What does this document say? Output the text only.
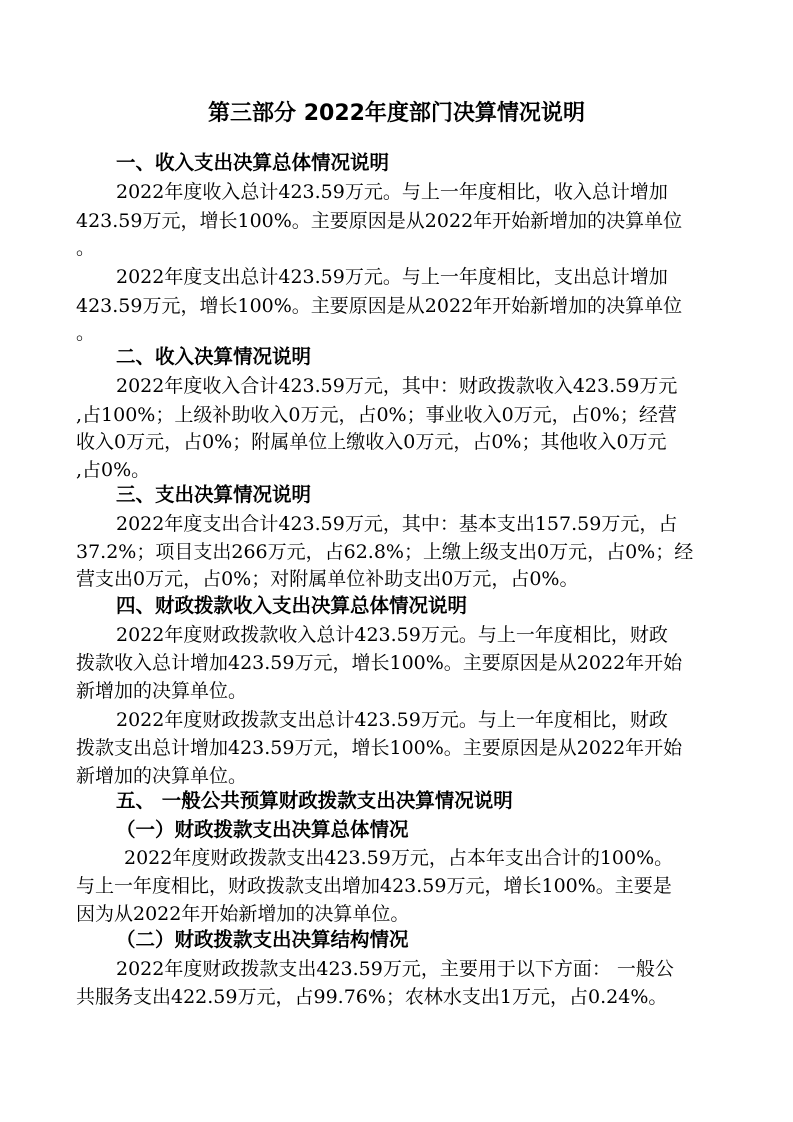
第三部分 2022年度部门决算情况说明
一、收入支出决算总体情况说明
2022年度收入总计423.59万元。与上一年度相比，收入总计增加
423.59万元，增长100%。主要原因是从2022年开始新增加的决算单位
。
2022年度支出总计423.59万元。与上一年度相比，支出总计增加
423.59万元，增长100%。主要原因是从2022年开始新增加的决算单位
。
二、收入决算情况说明
2022年度收入合计423.59万元，其中：财政拨款收入423.59万元
,占100%；上级补助收入0万元，占0%；事业收入0万元，占0%；经营
收入0万元，占0%；附属单位上缴收入0万元，占0%；其他收入0万元
,占0%。
三、支出决算情况说明
2022年度支出合计423.59万元，其中：基本支出157.59万元，占
37.2%；项目支出266万元，占62.8%；上缴上级支出0万元，占0%；经
营支出0万元，占0%；对附属单位补助支出0万元，占0%。
四、财政拨款收入支出决算总体情况说明
2022年度财政拨款收入总计423.59万元。与上一年度相比，财政
拨款收入总计增加423.59万元，增长100%。主要原因是从2022年开始
新增加的决算单位。
2022年度财政拨款支出总计423.59万元。与上一年度相比，财政
拨款支出总计增加423.59万元，增长100%。主要原因是从2022年开始
新增加的决算单位。
五、 一般公共预算财政拨款支出决算情况说明
（一）财政拨款支出决算总体情况
2022年度财政拨款支出423.59万元，占本年支出合计的100%。
与上一年度相比，财政拨款支出增加423.59万元，增长100%。主要是
因为从2022年开始新增加的决算单位。
（二）财政拨款支出决算结构情况
2022年度财政拨款支出423.59万元，主要用于以下方面： 一般公
共服务支出422.59万元，占99.76%；农林水支出1万元，占0.24%。
